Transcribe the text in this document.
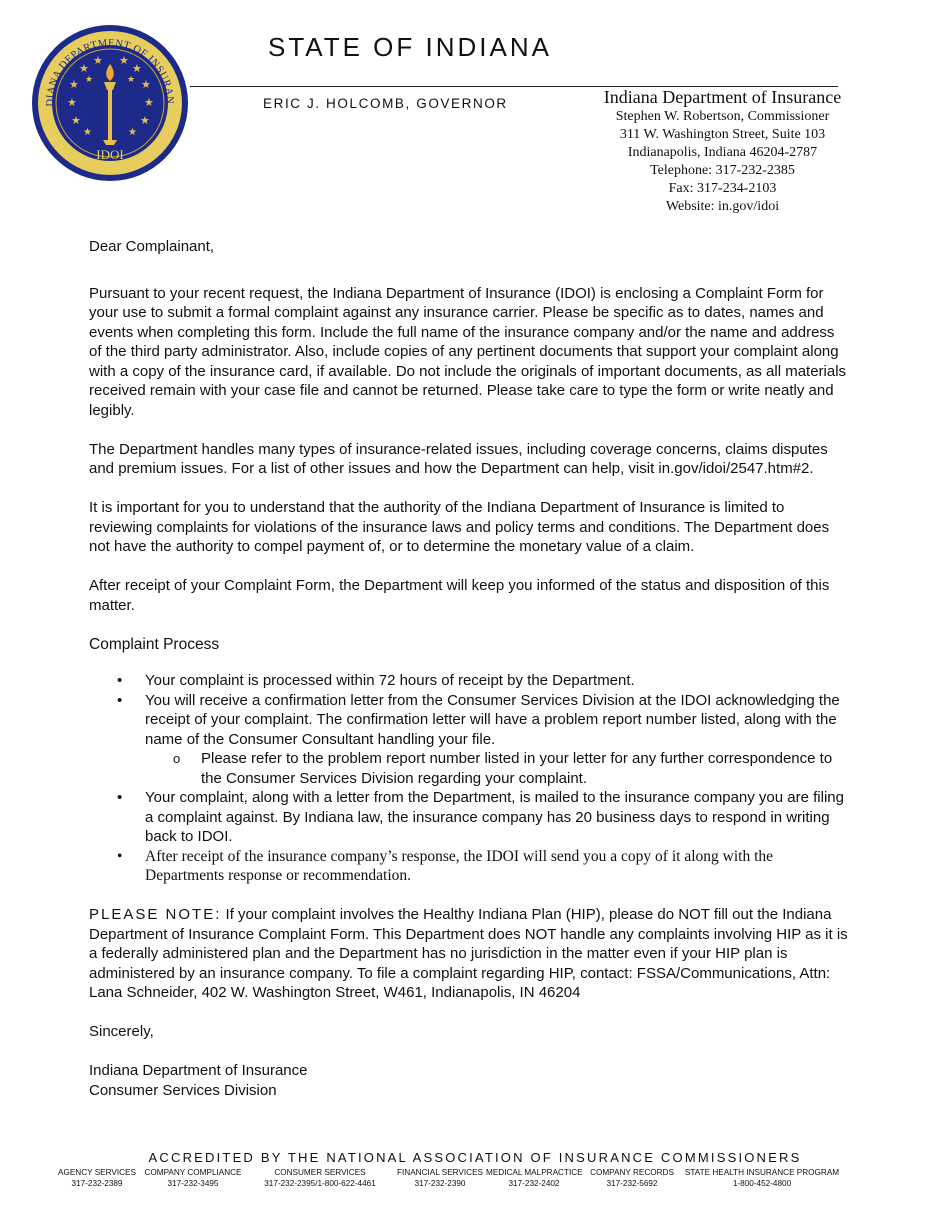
DIANA DEPARTMENT OF INSURAN
★
★ ★
★
★	★
★	★
★	★
★	★
★	★
IDOI
STATE OF INDIANA
ERIC J. HOLCOMB, GOVERNOR	Indiana Department of Insurance
Stephen W. Robertson, Commissioner
311 W. Washington Street, Suite 103
Indianapolis, Indiana 46204-2787
Telephone: 317-232-2385
Fax: 317-234-2103
Website: in.gov/idoi

Dear Complainant,

Pursuant to your recent request, the Indiana Department of Insurance (IDOI) is enclosing a Complaint Form for your use to submit a formal complaint against any insurance carrier. Please be specific as to dates, names and events when completing this form. Include the full name of the insurance company and/or the name and address of the third party administrator. Also, include copies of any pertinent documents that support your complaint along with a copy of the insurance card, if available. Do not include the originals of important documents, as all materials received remain with your case file and cannot be returned. Please take care to type the form or write neatly and legibly.

The Department handles many types of insurance-related issues, including coverage concerns, claims disputes and premium issues. For a list of other issues and how the Department can help, visit in.gov/idoi/2547.htm#2.

It is important for you to understand that the authority of the Indiana Department of Insurance is limited to reviewing complaints for violations of the insurance laws and policy terms and conditions. The Department does not have the authority to compel payment of, or to determine the monetary value of a claim.

After receipt of your Complaint Form, the Department will keep you informed of the status and disposition of this matter.

Complaint Process

• Your complaint is processed within 72 hours of receipt by the Department.
• You will receive a confirmation letter from the Consumer Services Division at the IDOI acknowledging the receipt of your complaint. The confirmation letter will have a problem report number listed, along with the name of the Consumer Consultant handling your file.
o Please refer to the problem report number listed in your letter for any further correspondence to the Consumer Services Division regarding your complaint.
• Your complaint, along with a letter from the Department, is mailed to the insurance company you are filing a complaint against. By Indiana law, the insurance company has 20 business days to respond in writing back to IDOI.
• After receipt of the insurance company’s response, the IDOI will send you a copy of it along with the Departments response or recommendation.

PLEASE NOTE: If your complaint involves the Healthy Indiana Plan (HIP), please do NOT fill out the Indiana Department of Insurance Complaint Form. This Department does NOT handle any complaints involving HIP as it is a federally administered plan and the Department has no jurisdiction in the matter even if your HIP plan is administered by an insurance company. To file a complaint regarding HIP, contact: FSSA/Communications, Attn: Lana Schneider, 402 W. Washington Street, W461, Indianapolis, IN 46204

Sincerely,

Indiana Department of Insurance

Consumer Services Division

ACCREDITED BY THE NATIONAL ASSOCIATION OF INSURANCE COMMISSIONERS
AGENCY SERVICES
317-232-2389
COMPANY COMPLIANCE
317-232-3495
CONSUMER SERVICES
317-232-2395/1-800-622-4461
FINANCIAL SERVICES
317-232-2390
MEDICAL MALPRACTICE
317-232-2402
COMPANY RECORDS
317-232-5692
STATE HEALTH INSURANCE PROGRAM
1-800-452-4800
